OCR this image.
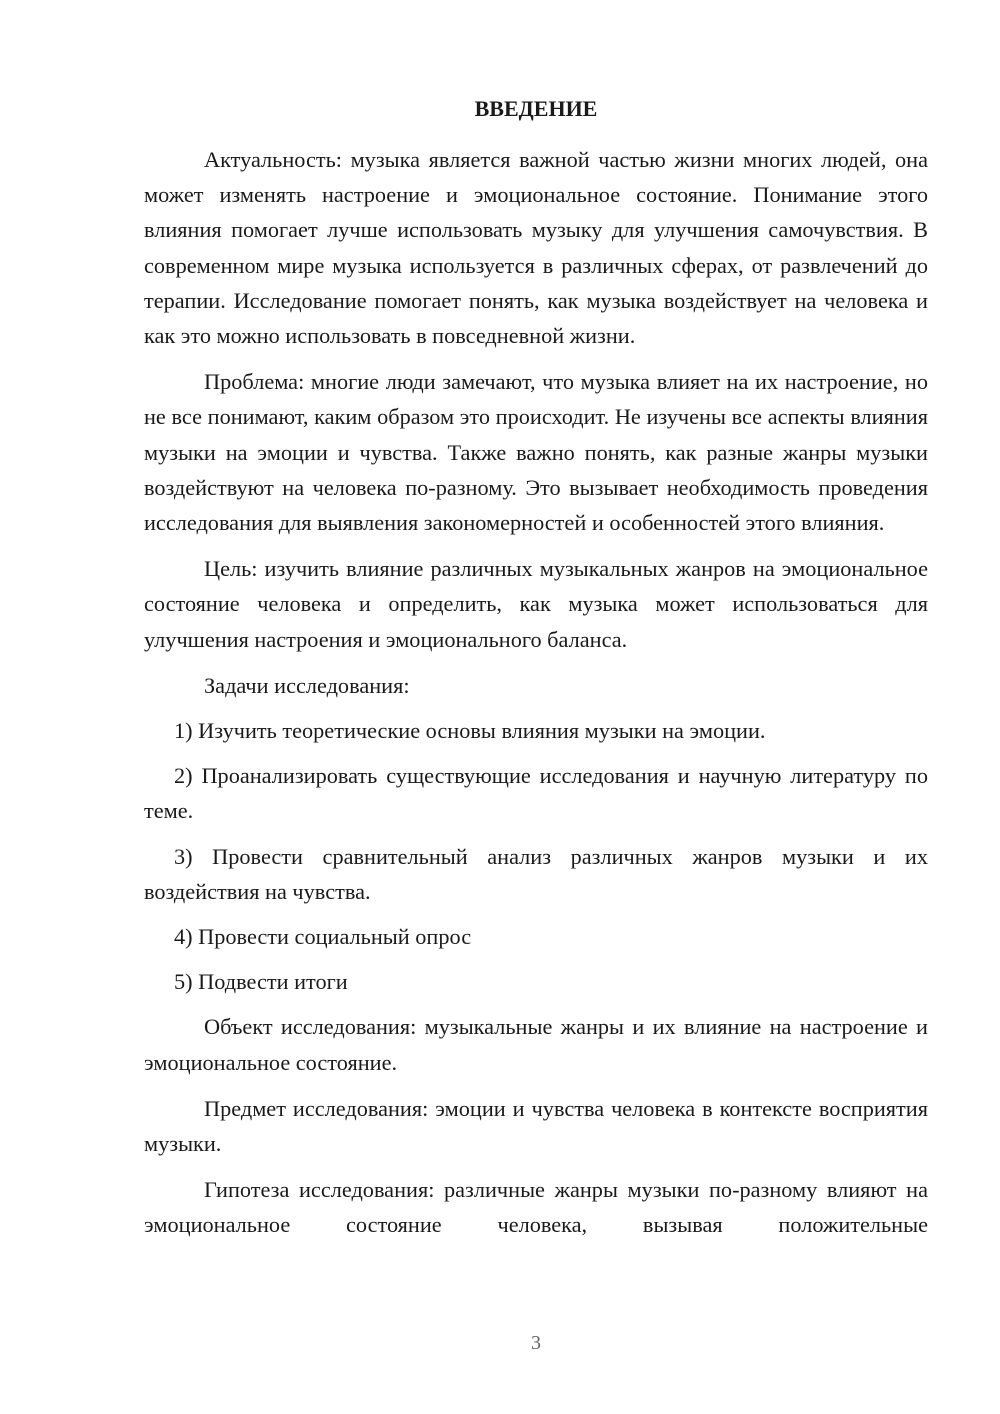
ВВЕДЕНИЕ

Актуальность: музыка является важной частью жизни многих людей, она может изменять настроение и эмоциональное состояние. Понимание этого влияния помогает лучше использовать музыку для улучшения самочувствия. В современном мире музыка используется в различных сферах, от развлечений до терапии. Исследование помогает понять, как музыка воздействует на человека и как это можно использовать в повседневной жизни.

Проблема: многие люди замечают, что музыка влияет на их настроение, но не все понимают, каким образом это происходит. Не изучены все аспекты влияния музыки на эмоции и чувства. Также важно понять, как разные жанры музыки воздействуют на человека по-разному. Это вызывает необходимость проведения исследования для выявления закономерностей и особенностей этого влияния.

Цель: изучить влияние различных музыкальных жанров на эмоциональное состояние человека и определить, как музыка может использоваться для улучшения настроения и эмоционального баланса.

Задачи исследования:

1) Изучить теоретические основы влияния музыки на эмоции.

2) Проанализировать существующие исследования и научную литературу по теме.

3) Провести сравнительный анализ различных жанров музыки и их воздействия на чувства.

4) Провести социальный опрос

5) Подвести итоги

Объект исследования: музыкальные жанры и их влияние на настроение и эмоциональное состояние.

Предмет исследования: эмоции и чувства человека в контексте восприятия музыки.

Гипотеза исследования: различные жанры музыки по-разному влияют на эмоциональное состояние человека, вызывая положительные

3
